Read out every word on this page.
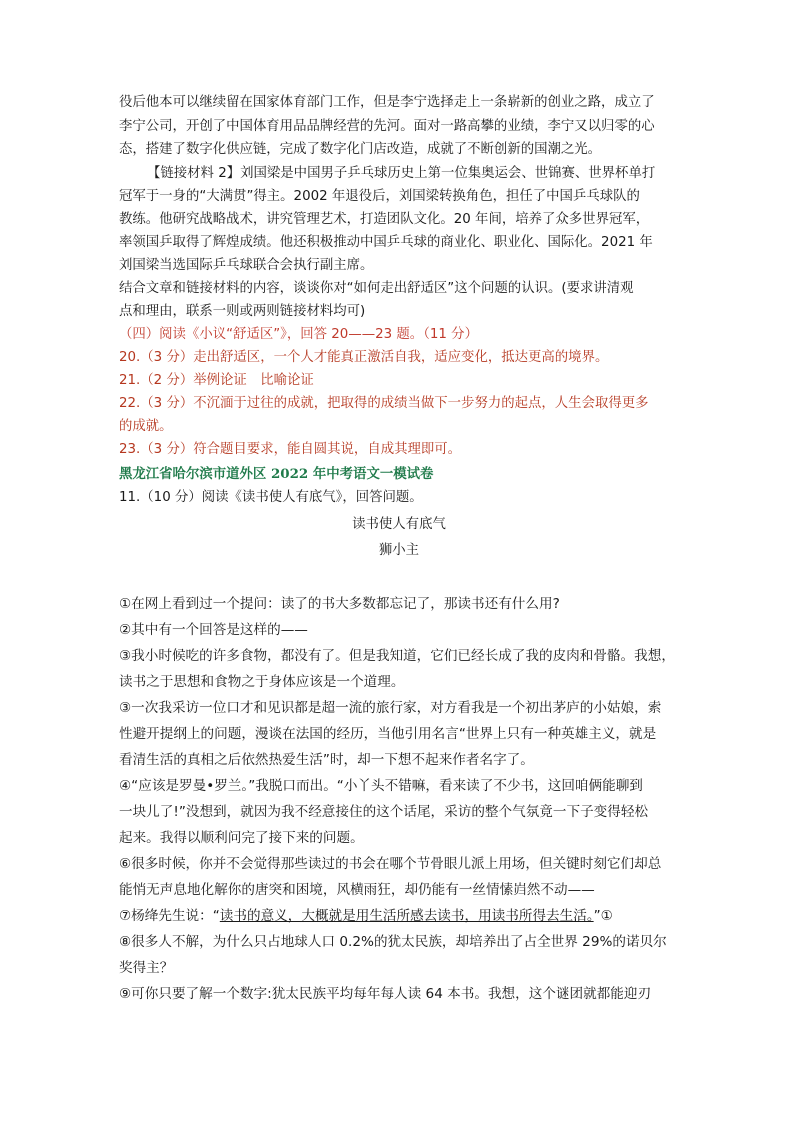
役后他本可以继续留在国家体育部门工作，但是李宁选择走上一条崭新的创业之路，成立了
李宁公司，开创了中国体育用品品牌经营的先河。面对一路高攀的业绩，李宁又以归零的心
态，搭建了数字化供应链，完成了数字化门店改造，成就了不断创新的国潮之光。
【链接材料 2】刘国梁是中国男子乒乓球历史上第一位集奥运会、世锦赛、世界杯单打
冠军于一身的“大满贯”得主。2002 年退役后，刘国梁转换角色，担任了中国乒乓球队的
教练。他研究战略战术，讲究管理艺术，打造团队文化。20 年间，培养了众多世界冠军，
率领国乒取得了辉煌成绩。他还积极推动中国乒乓球的商业化、职业化、国际化。2021 年
刘国梁当选国际乒乓球联合会执行副主席。
结合文章和链接材料的内容，谈谈你对“如何走出舒适区”这个问题的认识。(要求讲清观
点和理由，联系一则或两则链接材料均可)
（四）阅读《小议“舒适区”》，回答 20——23 题。（11 分）
20.（3 分）走出舒适区，一个人才能真正激活自我，适应变化，抵达更高的境界。
21.（2 分）举例论证　比喻论证
22.（3 分）不沉湎于过往的成就，把取得的成绩当做下一步努力的起点，人生会取得更多
的成就。
23.（3 分）符合题目要求，能自圆其说，自成其理即可。
黑龙江省哈尔滨市道外区 2022 年中考语文一模试卷
11.（10 分）阅读《读书使人有底气》，回答问题。
读书使人有底气
狮小主
①在网上看到过一个提问：读了的书大多数都忘记了，那读书还有什么用?
②其中有一个回答是这样的——
③我小时候吃的许多食物，都没有了。但是我知道，它们已经长成了我的皮肉和骨骼。我想，
读书之于思想和食物之于身体应该是一个道理。
③一次我采访一位口才和见识都是超一流的旅行家，对方看我是一个初出茅庐的小姑娘，索
性避开提纲上的问题，漫谈在法国的经历，当他引用名言“世界上只有一种英雄主义，就是
看清生活的真相之后依然热爱生活”时，却一下想不起来作者名字了。
④“应该是罗曼•罗兰。”我脱口而出。“小丫头不错嘛，看来读了不少书，这回咱俩能聊到
一块儿了!”没想到，就因为我不经意接住的这个话尾，采访的整个气氛竟一下子变得轻松
起来。我得以顺利问完了接下来的问题。
⑥很多时候，你并不会觉得那些读过的书会在哪个节骨眼儿派上用场，但关键时刻它们却总
能悄无声息地化解你的唐突和困境，风横雨狂，却仍能有一丝情愫岿然不动——
⑦杨绛先生说：“读书的意义，大概就是用生活所感去读书，用读书所得去生活。”①
⑧很多人不解，为什么只占地球人口 0.2%的犹太民族，却培养出了占全世界 29%的诺贝尔
奖得主？
⑨可你只要了解一个数字:犹太民族平均每年每人读 64 本书。我想，这个谜团就都能迎刃
